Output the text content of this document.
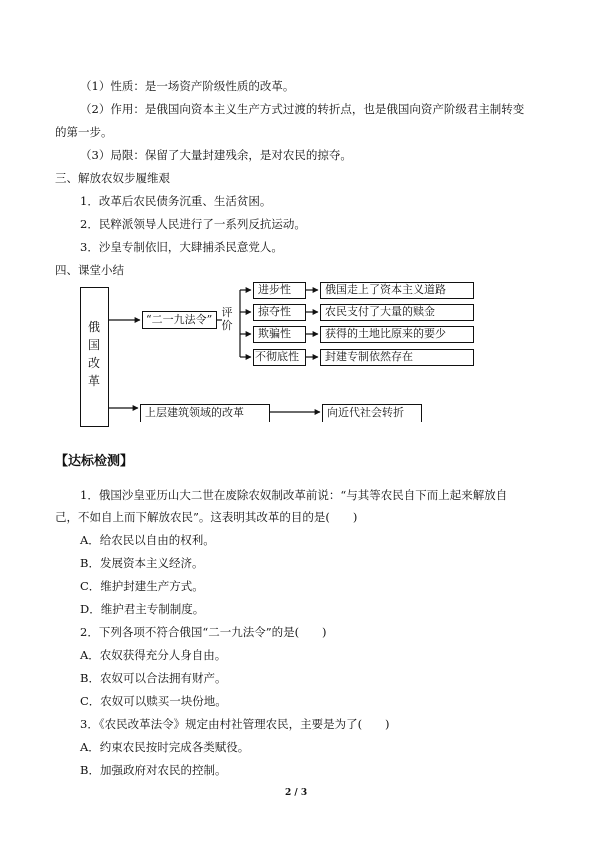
（1）性质：是一场资产阶级性质的改革。
（2）作用：是俄国向资本主义生产方式过渡的转折点，也是俄国向资产阶级君主制转变
的第一步。
（3）局限：保留了大量封建残余，是对农民的掠夺。
三、解放农奴步履维艰
1．改革后农民债务沉重、生活贫困。
2．民粹派领导人民进行了一系列反抗运动。
3．沙皇专制依旧，大肆捕杀民意党人。
四、课堂小结
俄国改革
“二一九法令”
评价
进步性
掠夺性
欺骗性
不彻底性
俄国走上了资本主义道路
农民支付了大量的赎金
获得的土地比原来的要少
封建专制依然存在
上层建筑领域的改革	向近代社会转折
【达标检测】
1．俄国沙皇亚历山大二世在废除农奴制改革前说：“与其等农民自下而上起来解放自
己，不如自上而下解放农民”。这表明其改革的目的是(　　)
A．给农民以自由的权利。
B．发展资本主义经济。
C．维护封建生产方式。
D．维护君主专制制度。
2．下列各项不符合俄国“二一九法令”的是(　　)
A．农奴获得充分人身自由。
B．农奴可以合法拥有财产。
C．农奴可以赎买一块份地。
3．《农民改革法令》规定由村社管理农民，主要是为了(　　)
A．约束农民按时完成各类赋役。
B．加强政府对农民的控制。
2 / 3
